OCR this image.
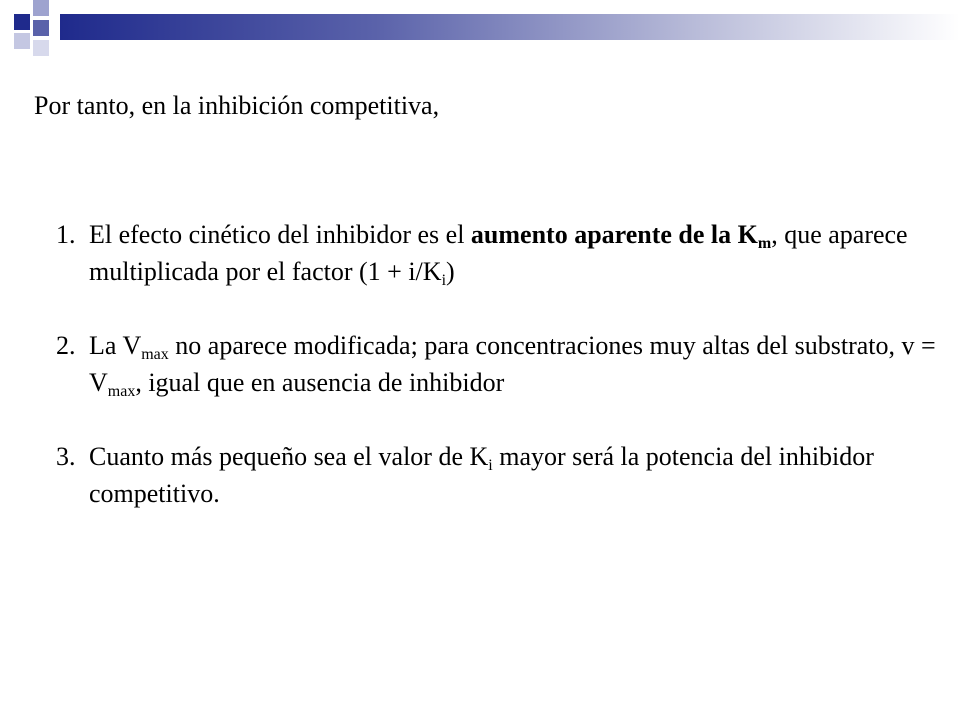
Por tanto, en la inhibición competitiva,
1. El efecto cinético del inhibidor es el aumento aparente de la $K_m$, que aparece multiplicada por el factor $(1 + i/K_i)$
2. La $V_{max}$ no aparece modificada; para concentraciones muy altas del substrato, $v = V_{max}$, igual que en ausencia de inhibidor
3. Cuanto más pequeño sea el valor de $K_i$ mayor será la potencia del inhibidor competitivo.
